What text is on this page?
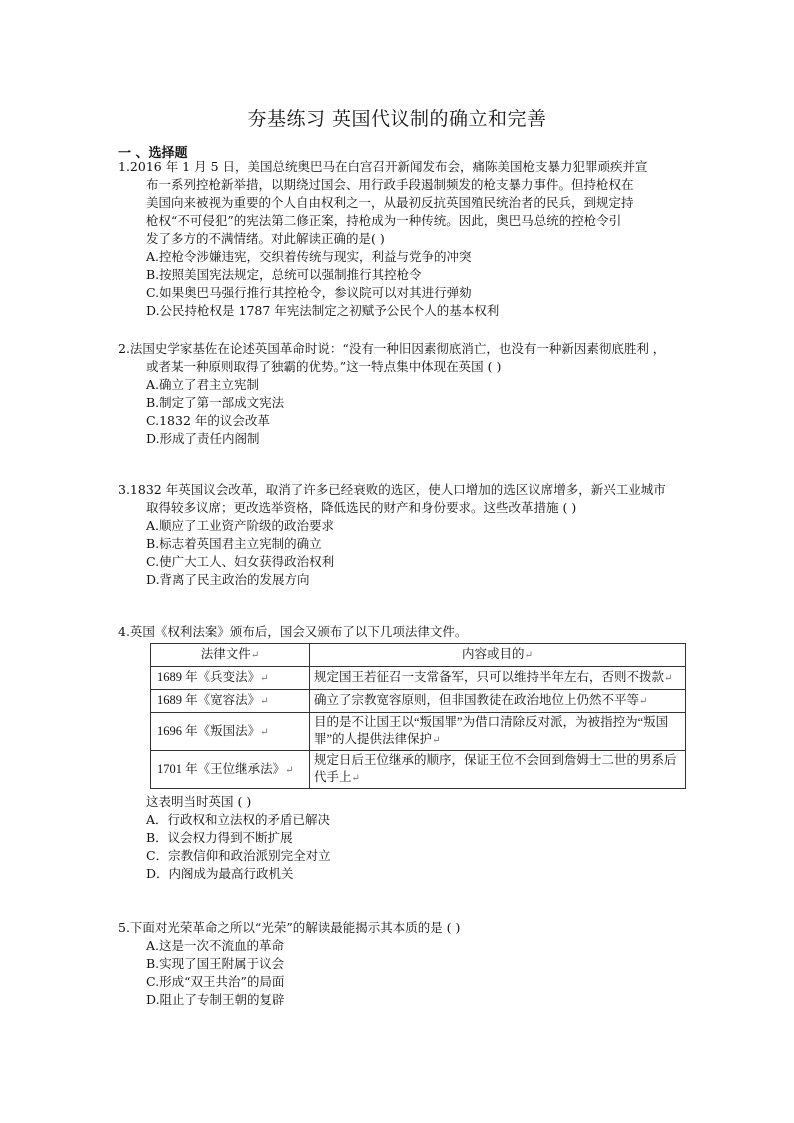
夯基练习 英国代议制的确立和完善
一 、选择题
1.2016 年 1 月 5 日，美国总统奥巴马在白宫召开新闻发布会，痛陈美国枪支暴力犯罪顽疾并宣
布一系列控枪新举措，以期绕过国会、用行政手段遏制频发的枪支暴力事件。但持枪权在
美国向来被视为重要的个人自由权利之一，从最初反抗英国殖民统治者的民兵，到规定持
枪权“不可侵犯”的宪法第二修正案，持枪成为一种传统。因此，奥巴马总统的控枪令引
发了多方的不满情绪。对此解读正确的是( )
A.控枪令涉嫌违宪，交织着传统与现实，利益与党争的冲突
B.按照美国宪法规定，总统可以强制推行其控枪令
C.如果奥巴马强行推行其控枪令，参议院可以对其进行弹劾
D.公民持枪权是 1787 年宪法制定之初赋予公民个人的基本权利
2.法国史学家基佐在论述英国革命时说：“没有一种旧因素彻底消亡，也没有一种新因素彻底胜利 ，
或者某一种原则取得了独霸的优势。”这一特点集中体现在英国 ( )
A.确立了君主立宪制
B.制定了第一部成文宪法
C.1832 年的议会改革
D.形成了责任内阁制
3.1832 年英国议会改革，取消了许多已经衰败的选区，使人口增加的选区议席增多，新兴工业城市
取得较多议席；更改选举资格，降低选民的财产和身份要求。这些改革措施 ( )
A.顺应了工业资产阶级的政治要求
B.标志着英国君主立宪制的确立
C.使广大工人、妇女获得政治权利
D.背离了民主政治的发展方向
4.英国《权利法案》颁布后，国会又颁布了以下几项法律文件。
法律文件↵	内容或目的↵
1689 年《兵变法》↵	规定国王若征召一支常备军，只可以维持半年左右，否则不拨款↵
1689 年《宽容法》↵	确立了宗教宽容原则，但非国教徒在政治地位上仍然不平等↵
1696 年《叛国法》↵	目的是不让国王以“叛国罪”为借口清除反对派，为被指控为“叛国罪”的人提供法律保护↵
1701 年《王位继承法》↵	规定日后王位继承的顺序，保证王位不会回到詹姆士二世的男系后代手上↵
这表明当时英国 ( )
A．行政权和立法权的矛盾已解决
B．议会权力得到不断扩展
C．宗教信仰和政治派别完全对立
D．内阁成为最高行政机关
5.下面对光荣革命之所以“光荣”的解读最能揭示其本质的是 ( )
A.这是一次不流血的革命
B.实现了国王附属于议会
C.形成“双王共治”的局面
D.阻止了专制王朝的复辟
